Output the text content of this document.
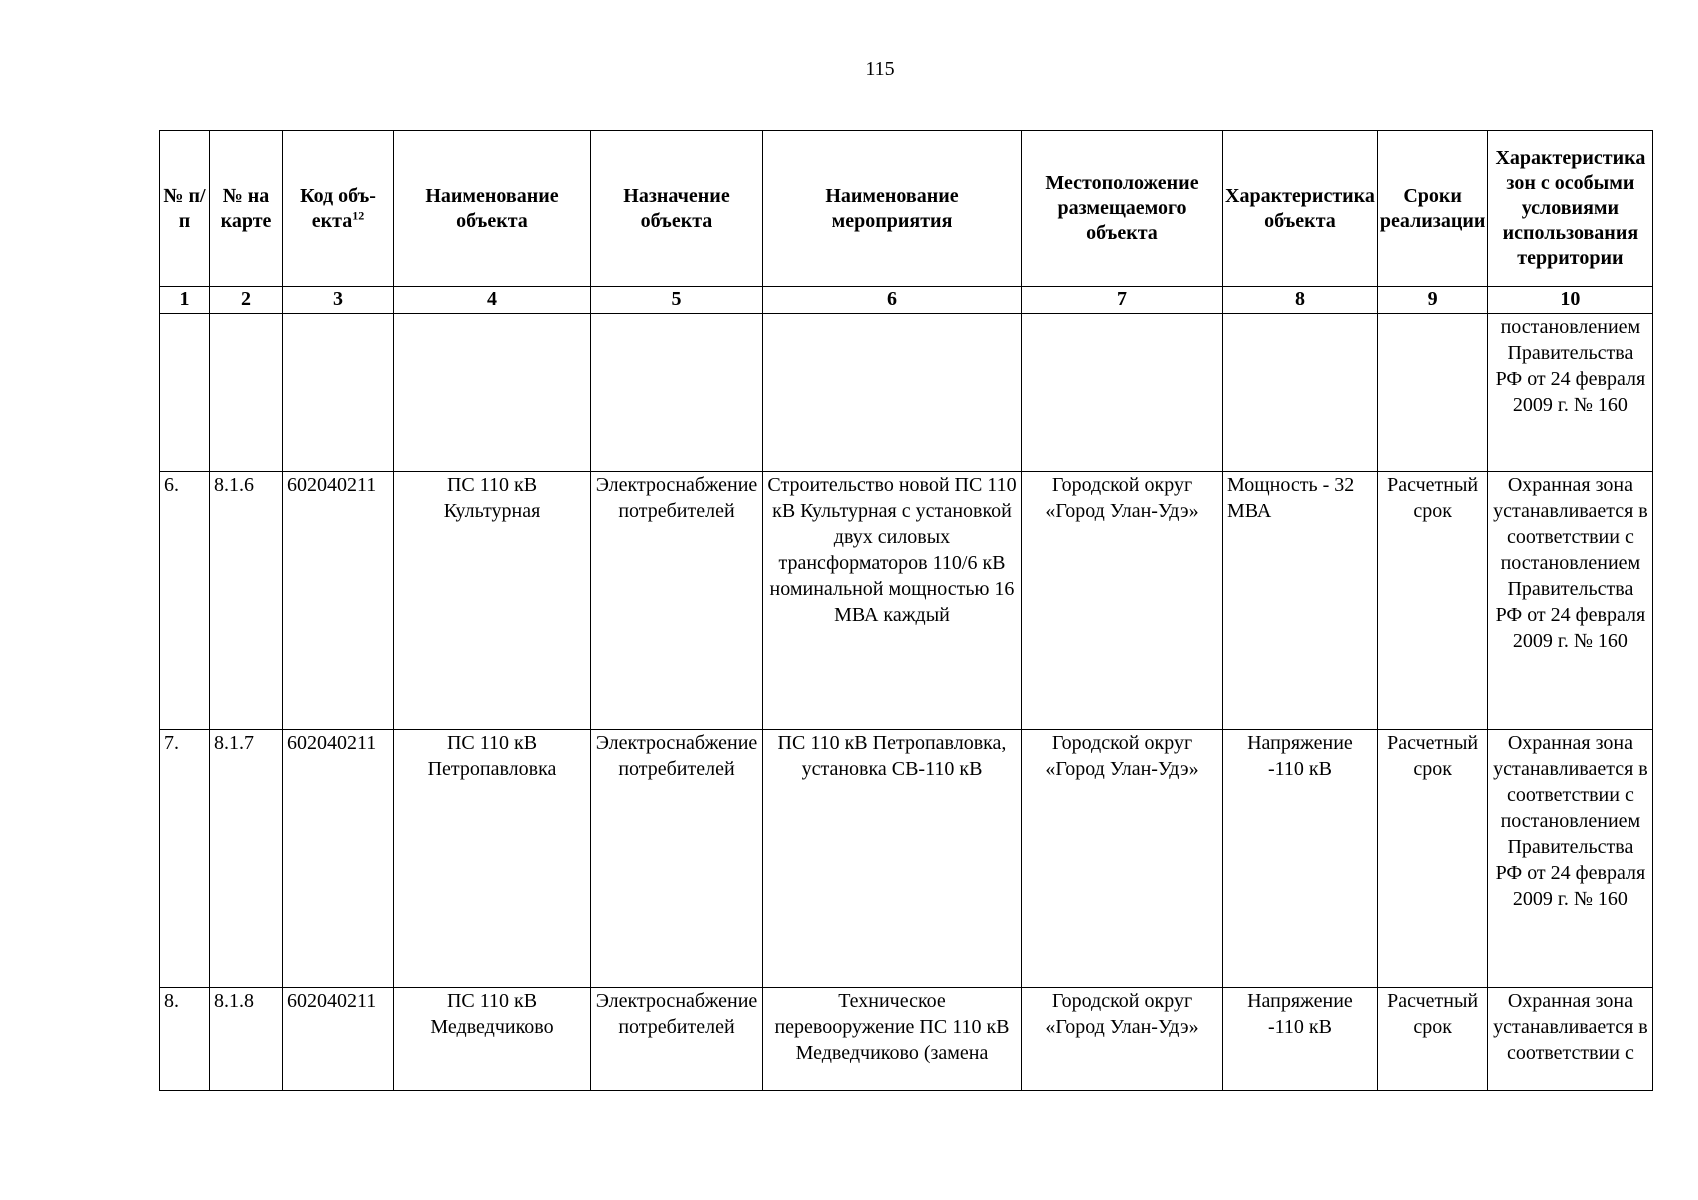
115
№ п/п	№ на карте	Код объ-екта$^{12}$	Наименование объекта	Назначение объекта	Наименование мероприятия	Местоположение размещаемого объекта	Характеристика объекта	Сроки реализации	Характеристика зон с особыми условиями использования территории
1	2	3	4	5	6	7	8	9	10
									постановлением Правительства РФ от 24 февраля 2009 г. № 160
6.	8.1.6	602040211	ПС 110 кВ Культурная	Электроснабжение потребителей	Строительство новой ПС 110 кВ Культурная с установкой двух силовых трансформаторов 110/6 кВ номинальной мощностью 16 МВА каждый	Городской округ «Город Улан-Удэ»	Мощность - 32 МВА	Расчетный срок	Охранная зона устанавливается в соответствии с постановлением Правительства РФ от 24 февраля 2009 г. № 160
7.	8.1.7	602040211	ПС 110 кВ Петропавловка	Электроснабжение потребителей	ПС 110 кВ Петропавловка, установка СВ-110 кВ	Городской округ «Город Улан-Удэ»	Напряжение -110 кВ	Расчетный срок	Охранная зона устанавливается в соответствии с постановлением Правительства РФ от 24 февраля 2009 г. № 160
8.	8.1.8	602040211	ПС 110 кВ Медведчиково	Электроснабжение потребителей	Техническое перевооружение ПС 110 кВ Медведчиково (замена	Городской округ «Город Улан-Удэ»	Напряжение -110 кВ	Расчетный срок	Охранная зона устанавливается в соответствии с
